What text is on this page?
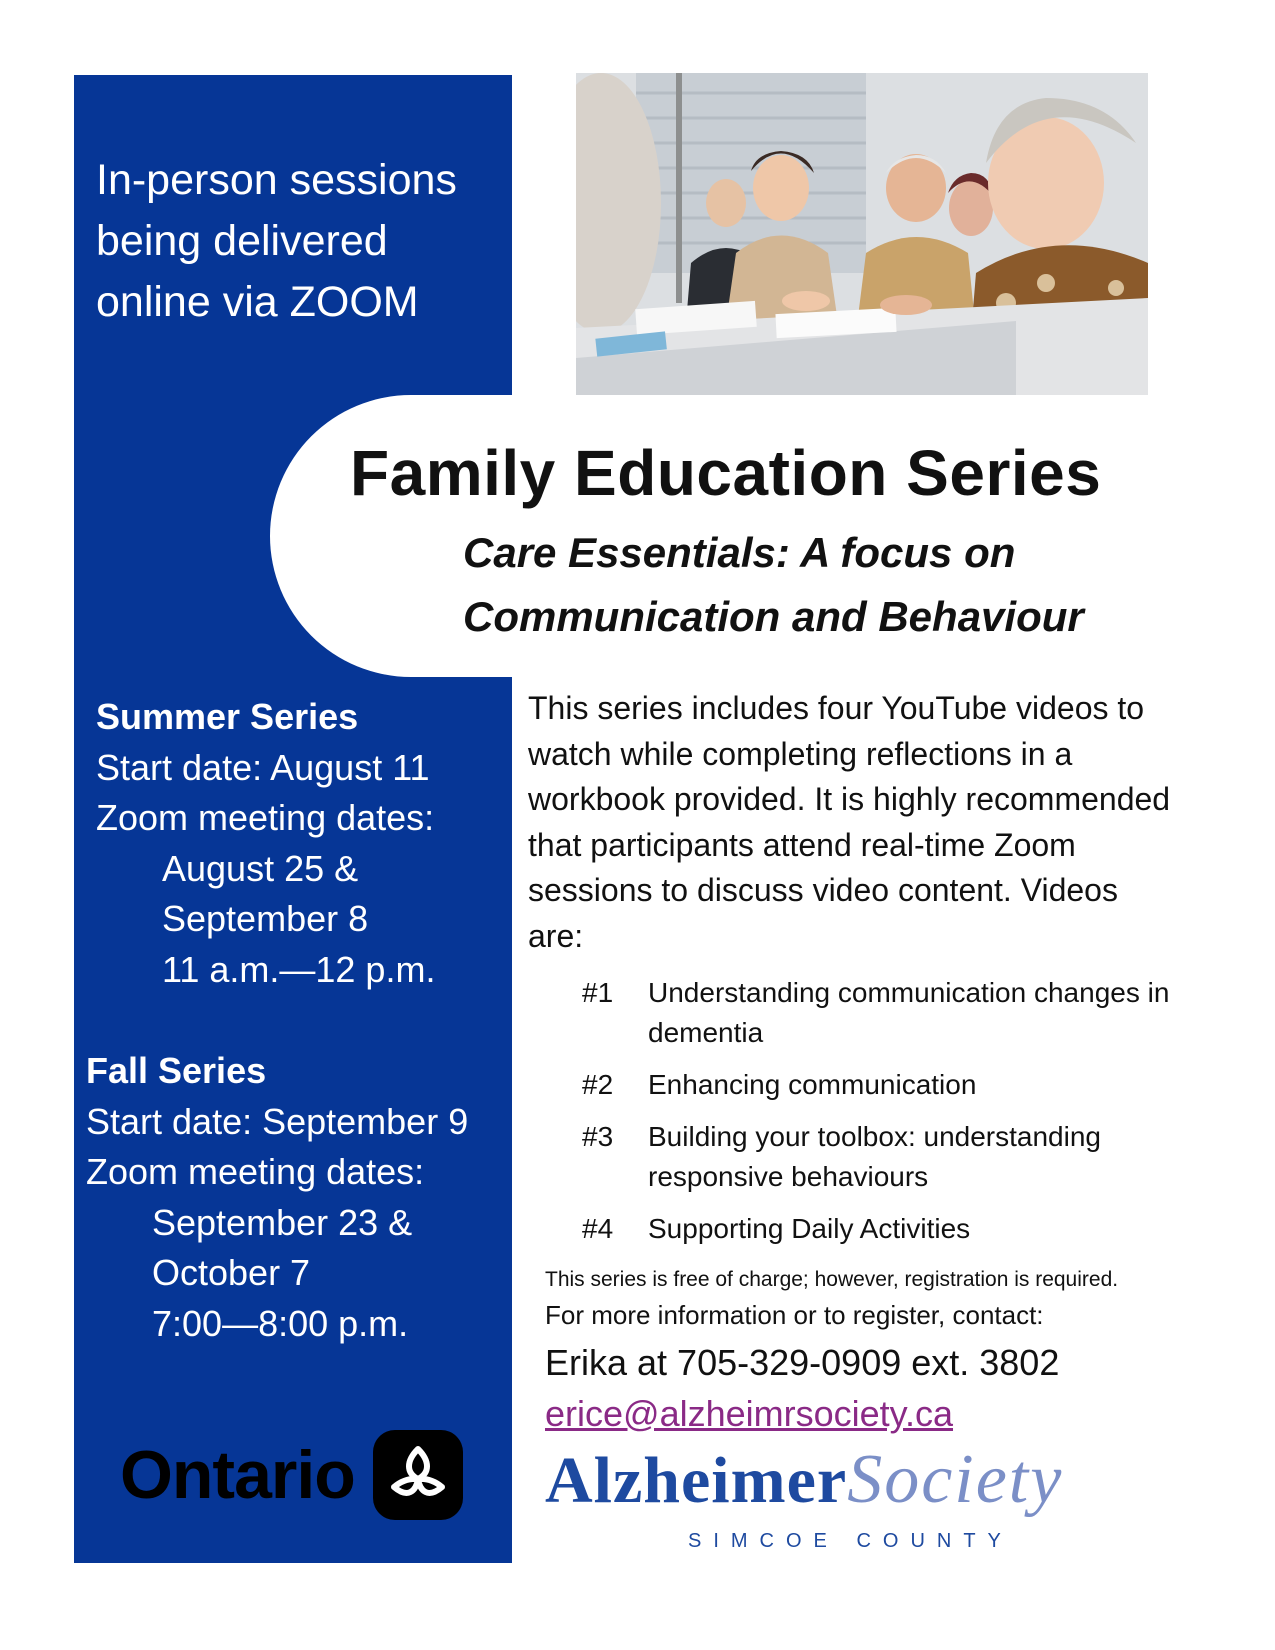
In-person sessions
being delivered
online via ZOOM
Summer Series
Start date: August 11
Zoom meeting dates:
August 25 &
September 8
11 a.m.—12 p.m.
Fall Series
Start date: September 9
Zoom meeting dates:
September 23 &
October 7
7:00—8:00 p.m.
Family Education Series
Care Essentials: A focus on
Communication and Behaviour
This series includes four YouTube videos to watch while completing reflections in a workbook provided. It is highly recommended that participants attend real-time Zoom sessions to discuss video content. Videos are:
#1	Understanding communication changes in dementia
#2	Enhancing communication
#3	Building your toolbox: understanding responsive behaviours
#4	Supporting Daily Activities
This series is free of charge; however, registration is required.
For more information or to register, contact:
Erika at 705-329-0909 ext. 3802
erice@alzheimrsociety.ca
AlzheimerSociety
SIMCOE COUNTY
Ontario
